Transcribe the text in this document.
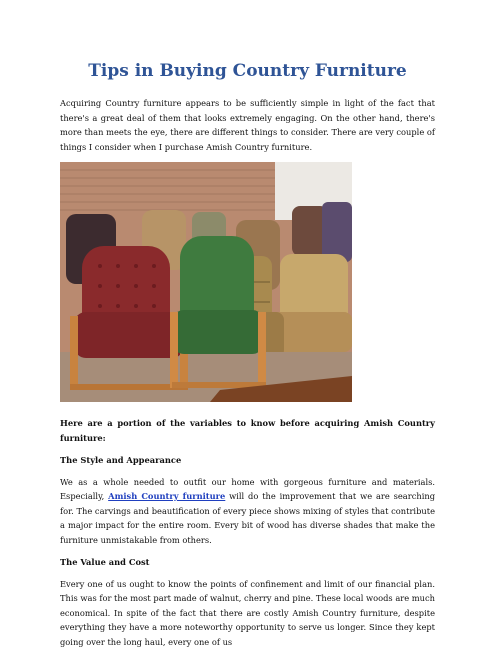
Tips in Buying Country Furniture

Acquiring Country furniture appears to be sufficiently simple in light of the fact that there's a great deal of them that looks extremely engaging. On the other hand, there's more than meets the eye, there are different things to consider. There are very couple of things I consider when I purchase Amish Country furniture.

Here are a portion of the variables to know before acquiring Amish Country furniture:

The Style and Appearance

We as a whole needed to outfit our home with gorgeous furniture and materials. Especially, Amish Country furniture will do the improvement that we are searching for. The carvings and beautification of every piece shows mixing of styles that contribute a major impact for the entire room. Every bit of wood has diverse shades that make the furniture unmistakable from others.

The Value and Cost

Every one of us ought to know the points of confinement and limit of our financial plan. This was for the most part made of walnut, cherry and pine. These local woods are much economical. In spite of the fact that there are costly Amish Country furniture, despite everything they have a more noteworthy opportunity to serve us longer. Since they kept going over the long haul, every one of us
